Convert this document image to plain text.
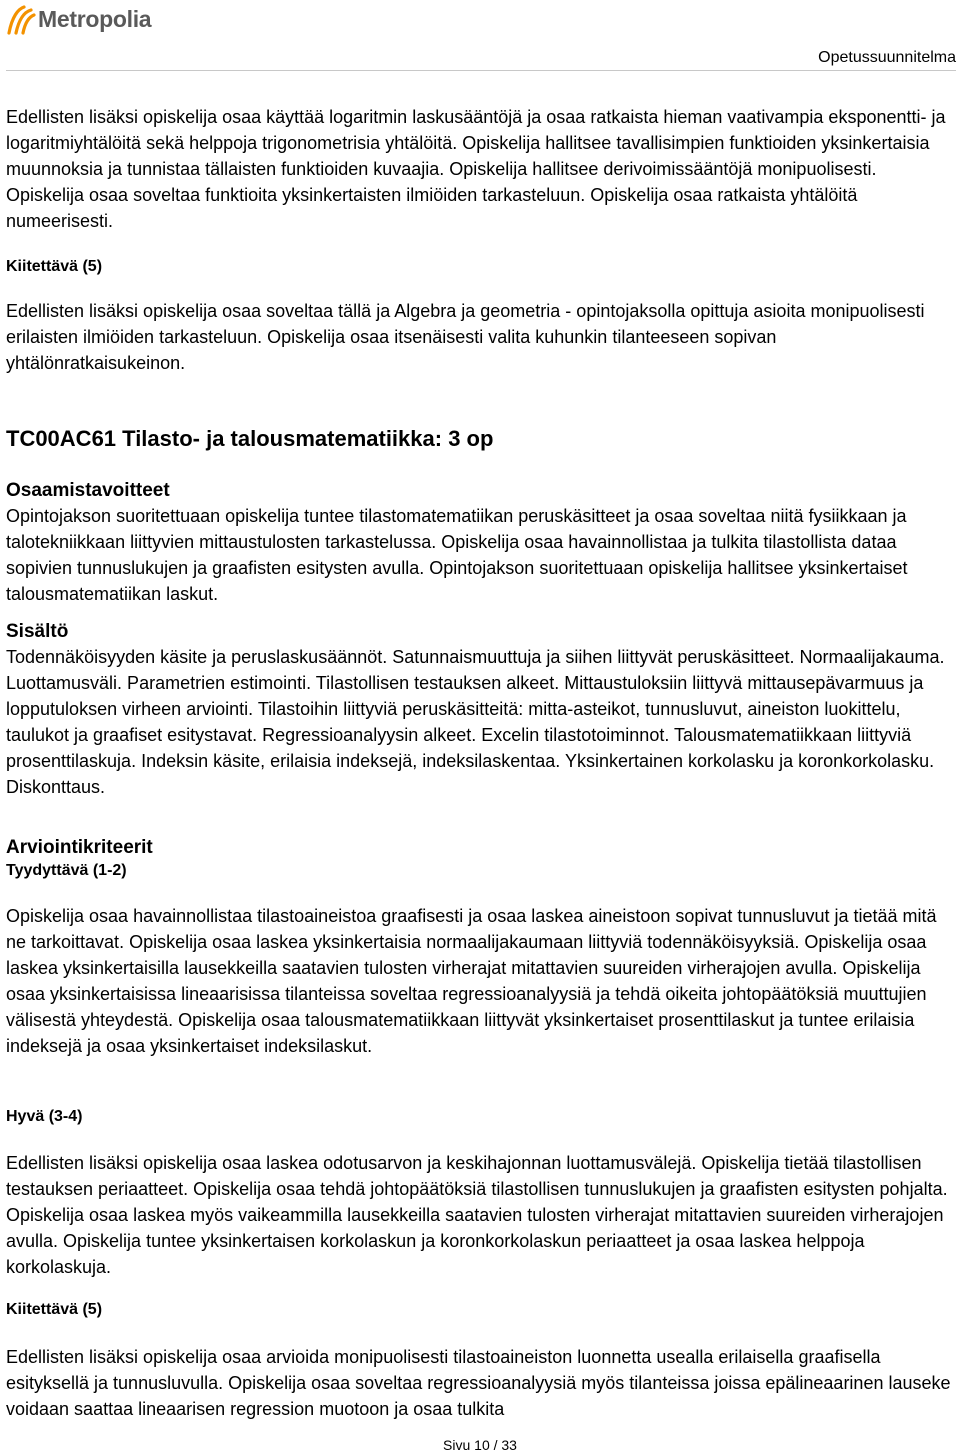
Metropolia
Opetussuunnitelma

Edellisten lisäksi opiskelija osaa käyttää logaritmin laskusääntöjä ja osaa ratkaista hieman vaativampia eksponentti- ja logaritmiyhtälöitä sekä helppoja trigonometrisia yhtälöitä. Opiskelija hallitsee tavallisimpien funktioiden yksinkertaisia muunnoksia ja tunnistaa tällaisten funktioiden kuvaajia. Opiskelija hallitsee derivoimissääntöjä monipuolisesti. Opiskelija osaa soveltaa funktioita yksinkertaisten ilmiöiden tarkasteluun. Opiskelija osaa ratkaista yhtälöitä numeerisesti.

Kiitettävä (5)

Edellisten lisäksi opiskelija osaa soveltaa tällä ja Algebra ja geometria - opintojaksolla opittuja asioita monipuolisesti erilaisten ilmiöiden tarkasteluun. Opiskelija osaa itsenäisesti valita kuhunkin tilanteeseen sopivan yhtälönratkaisukeinon.

TC00AC61 Tilasto- ja talousmatematiikka: 3 op
Osaamistavoitteet

Opintojakson suoritettuaan opiskelija tuntee tilastomatematiikan peruskäsitteet ja osaa soveltaa niitä fysiikkaan ja talotekniikkaan liittyvien mittaustulosten tarkastelussa. Opiskelija osaa havainnollistaa ja tulkita tilastollista dataa sopivien tunnuslukujen ja graafisten esitysten avulla. Opintojakson suoritettuaan opiskelija hallitsee yksinkertaiset talousmatematiikan laskut.

Sisältö

Todennäköisyyden käsite ja peruslaskusäännöt. Satunnaismuuttuja ja siihen liittyvät peruskäsitteet. Normaalijakauma. Luottamusväli. Parametrien estimointi. Tilastollisen testauksen alkeet. Mittaustuloksiin liittyvä mittausepävarmuus ja lopputuloksen virheen arviointi. Tilastoihin liittyviä peruskäsitteitä: mitta-asteikot, tunnusluvut, aineiston luokittelu, taulukot ja graafiset esitystavat. Regressioanalyysin alkeet. Excelin tilastotoiminnot. Talousmatematiikkaan liittyviä prosenttilaskuja. Indeksin käsite, erilaisia indeksejä, indeksilaskentaa. Yksinkertainen korkolasku ja koronkorkolasku. Diskonttaus.

Arviointikriteerit
Tyydyttävä (1-2)

Opiskelija osaa havainnollistaa tilastoaineistoa graafisesti ja osaa laskea aineistoon sopivat tunnusluvut ja tietää mitä ne tarkoittavat. Opiskelija osaa laskea yksinkertaisia normaalijakaumaan liittyviä todennäköisyyksiä. Opiskelija osaa laskea yksinkertaisilla lausekkeilla saatavien tulosten virherajat mitattavien suureiden virherajojen avulla. Opiskelija osaa yksinkertaisissa lineaarisissa tilanteissa soveltaa regressioanalyysiä ja tehdä oikeita johtopäätöksiä muuttujien välisestä yhteydestä. Opiskelija osaa talousmatematiikkaan liittyvät yksinkertaiset prosenttilaskut ja tuntee erilaisia indeksejä ja osaa yksinkertaiset indeksilaskut.

Hyvä (3-4)

Edellisten lisäksi opiskelija osaa laskea odotusarvon ja keskihajonnan luottamusvälejä. Opiskelija tietää tilastollisen testauksen periaatteet. Opiskelija osaa tehdä johtopäätöksiä tilastollisen tunnuslukujen ja graafisten esitysten pohjalta. Opiskelija osaa laskea myös vaikeammilla lausekkeilla saatavien tulosten virherajat mitattavien suureiden virherajojen avulla. Opiskelija tuntee yksinkertaisen korkolaskun ja koronkorkolaskun periaatteet ja osaa laskea helppoja korkolaskuja.

Kiitettävä (5)

Edellisten lisäksi opiskelija osaa arvioida monipuolisesti tilastoaineiston luonnetta usealla erilaisella graafisella esityksellä ja tunnusluvulla. Opiskelija osaa soveltaa regressioanalyysiä myös tilanteissa joissa epälineaarinen lauseke voidaan saattaa lineaarisen regression muotoon ja osaa tulkita

Sivu 10 / 33
